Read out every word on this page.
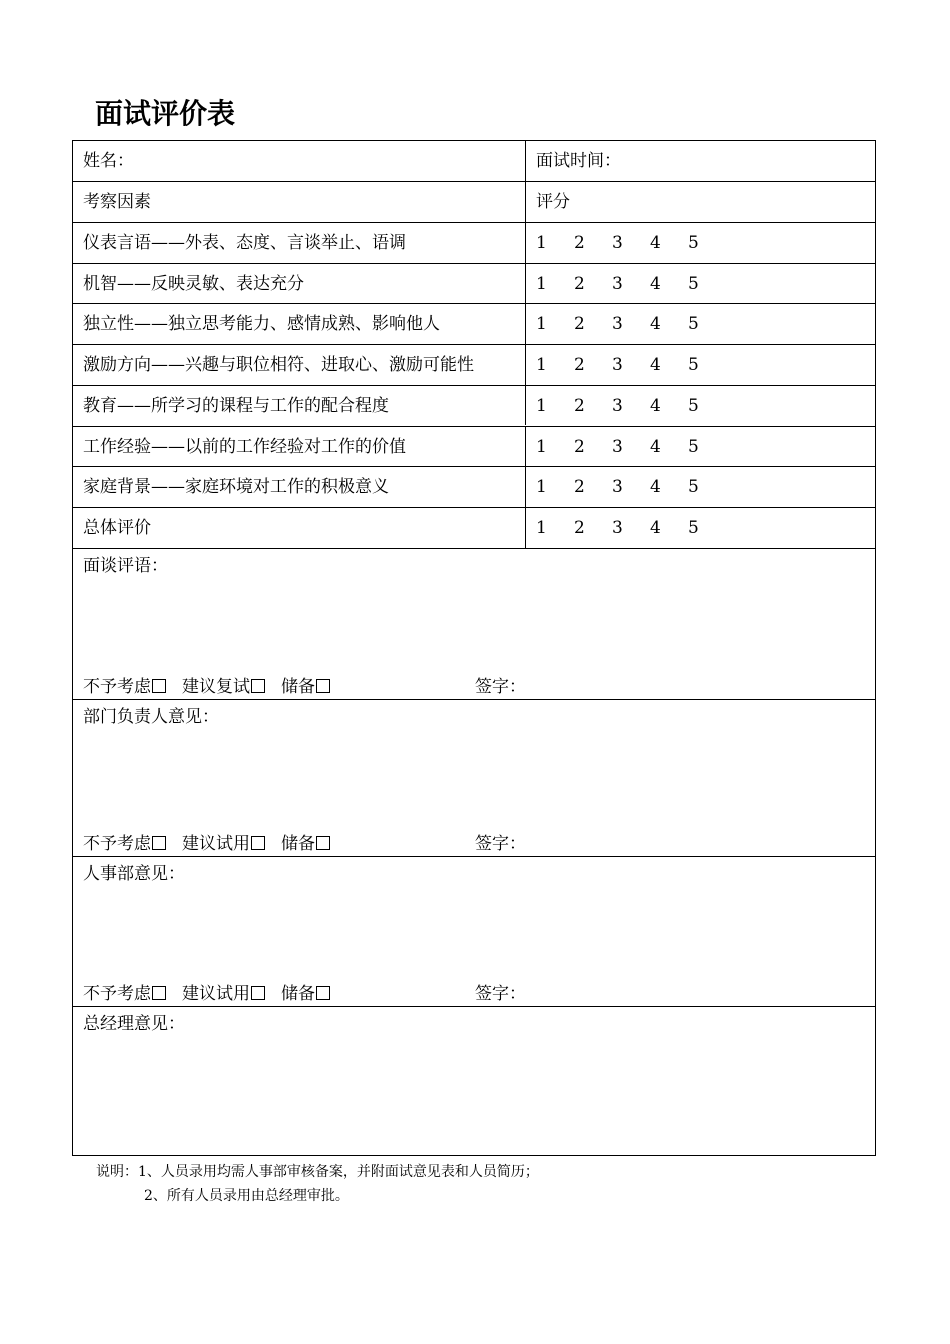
面试评价表
姓名：	面试时间：
考察因素	评分
仪表言语——外表、态度、言谈举止、语调	1 2 3 4 5
机智——反映灵敏、表达充分	1 2 3 4 5
独立性——独立思考能力、感情成熟、影响他人	1 2 3 4 5
激励方向——兴趣与职位相符、进取心、激励可能性	1 2 3 4 5
教育——所学习的课程与工作的配合程度	1 2 3 4 5
工作经验——以前的工作经验对工作的价值	1 2 3 4 5
家庭背景——家庭环境对工作的积极意义	1 2 3 4 5
总体评价	1 2 3 4 5
面谈评语：
不予考虑 建议复试 储备	签字：
部门负责人意见：
不予考虑 建议试用 储备	签字：
人事部意见：
不予考虑 建议试用 储备	签字：
总经理意见：
说明：1、人员录用均需人事部审核备案，并附面试意见表和人员简历；
2、所有人员录用由总经理审批。
